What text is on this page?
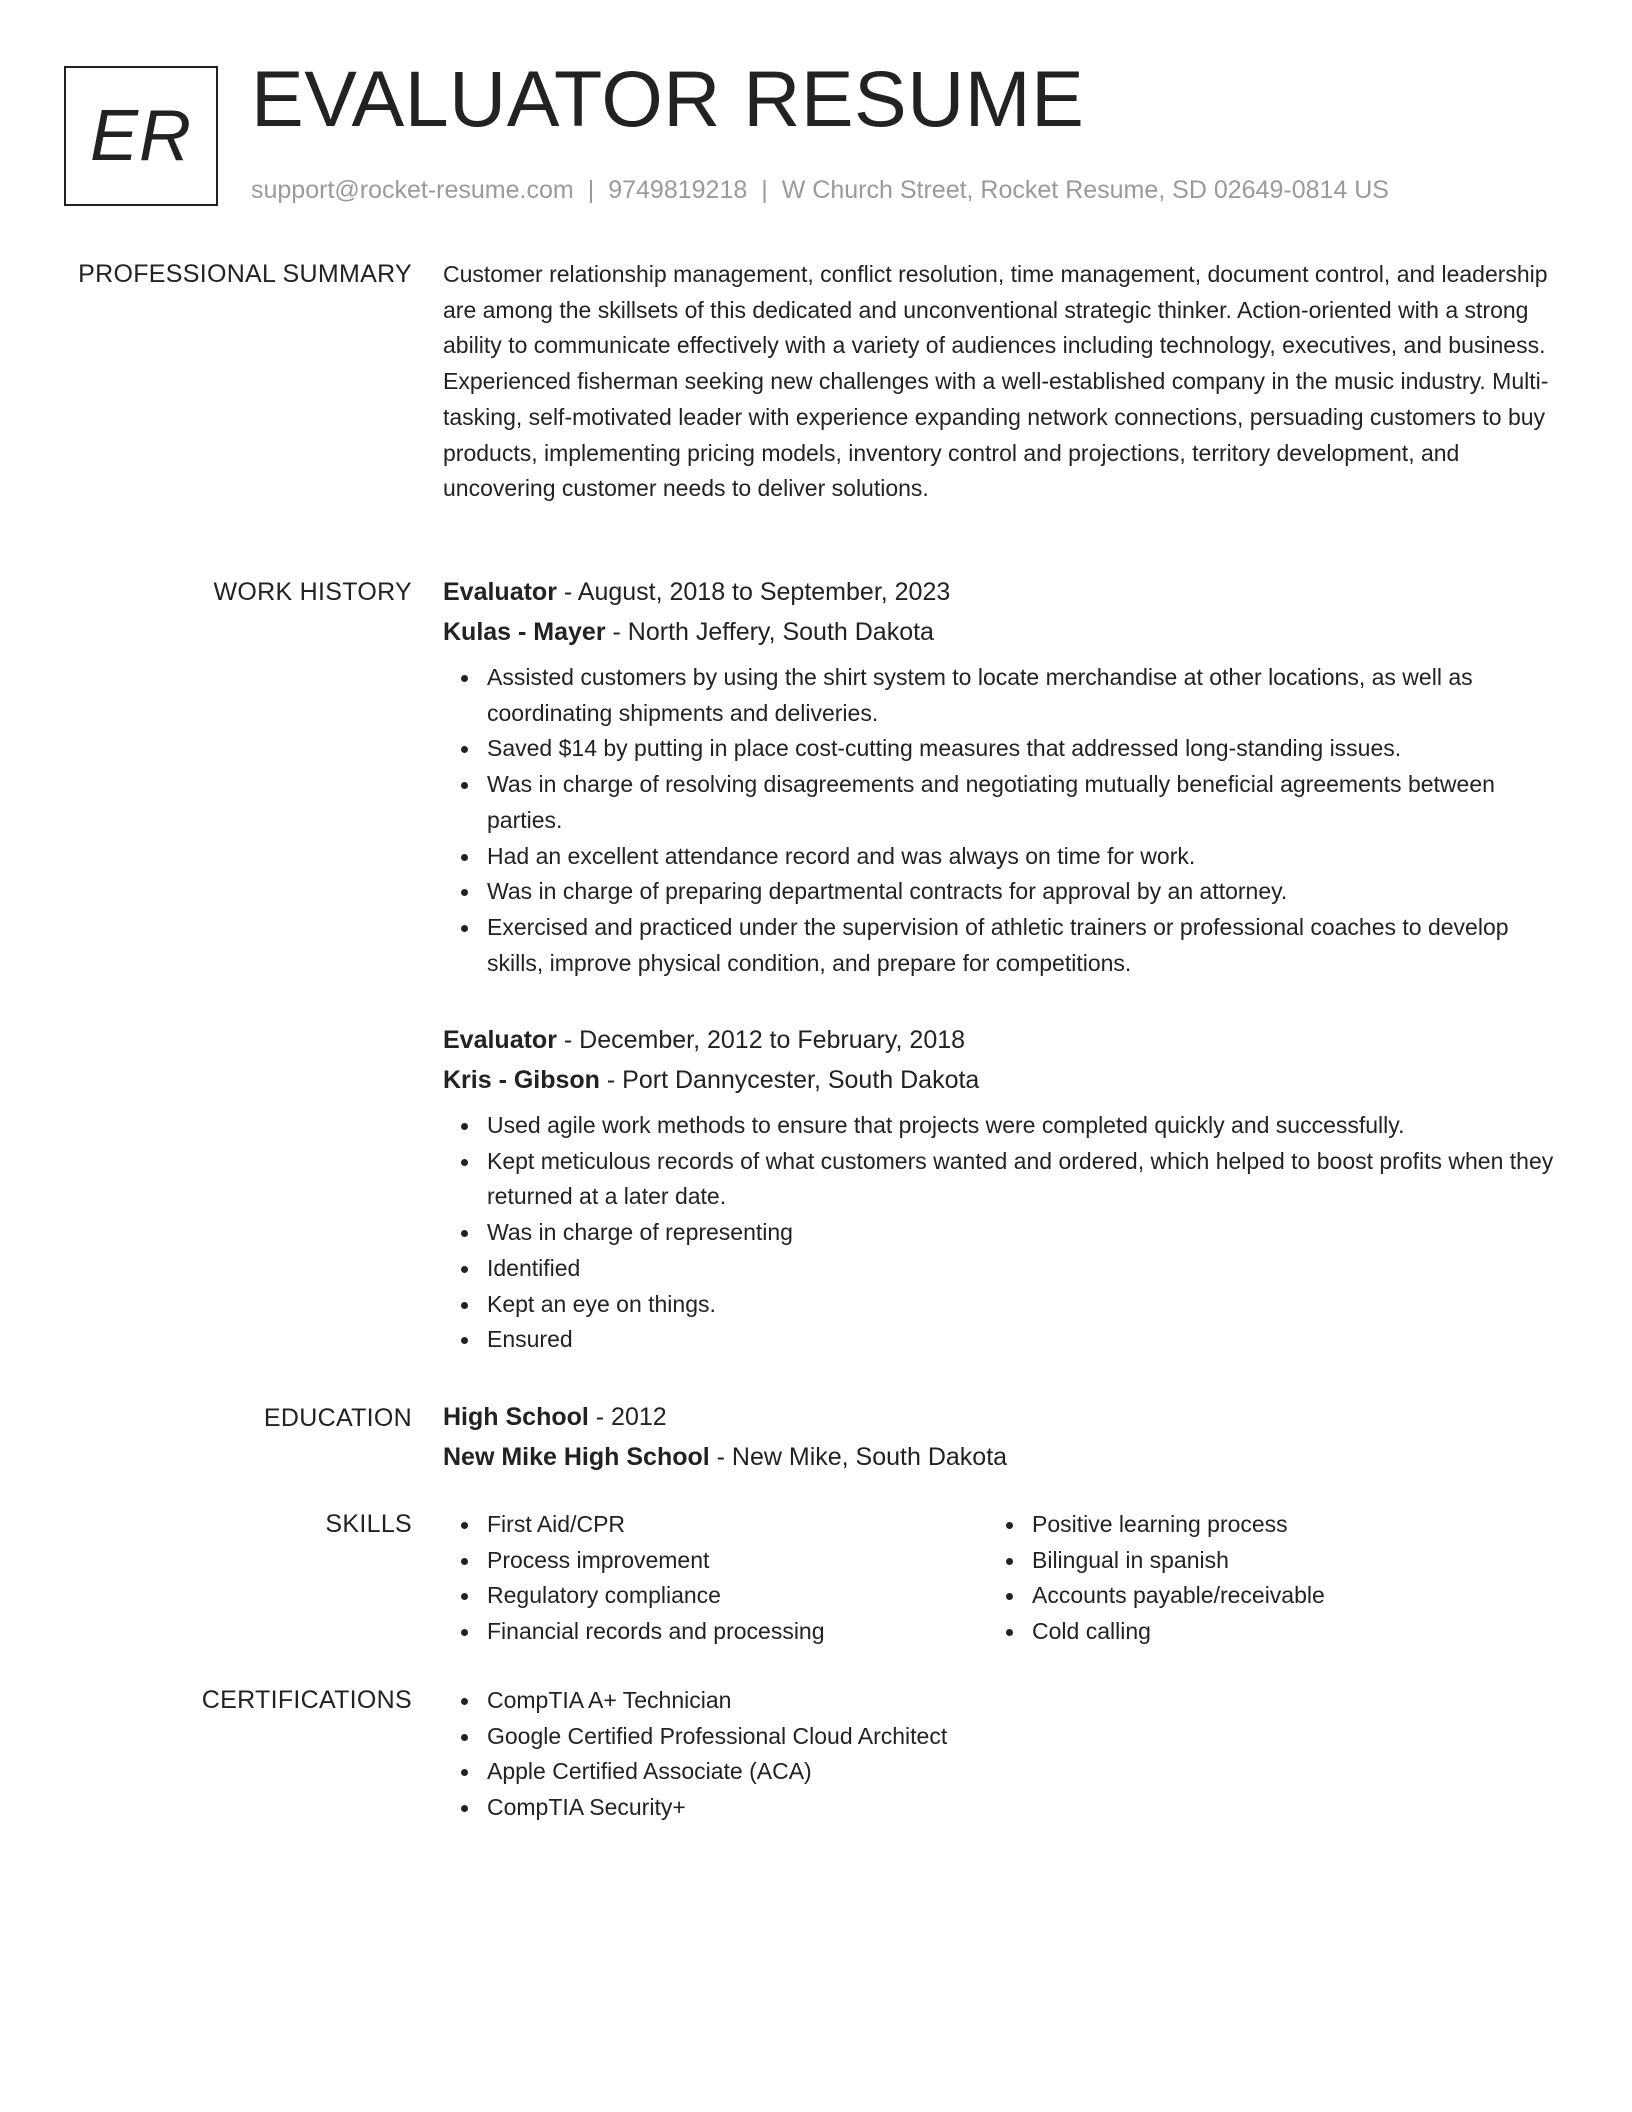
ER EVALUATOR RESUME
support@rocket-resume.com | 9749819218 | W Church Street, Rocket Resume, SD 02649-0814 US
PROFESSIONAL SUMMARY Customer relationship management, conflict resolution, time management, document control, and leadership are among the skillsets of this dedicated and unconventional strategic thinker. Action-oriented with a strong ability to communicate effectively with a variety of audiences including technology, executives, and business. Experienced fisherman seeking new challenges with a well-established company in the music industry. Multi-tasking, self-motivated leader with experience expanding network connections, persuading customers to buy products, implementing pricing models, inventory control and projections, territory development, and uncovering customer needs to deliver solutions.

WORK HISTORY Evaluator - August, 2018 to September, 2023
Kulas - Mayer - North Jeffery, South Dakota
Assisted customers by using the shirt system to locate merchandise at other locations, as well as coordinating shipments and deliveries.
Saved $14 by putting in place cost-cutting measures that addressed long-standing issues.
Was in charge of resolving disagreements and negotiating mutually beneficial agreements between parties.
Had an excellent attendance record and was always on time for work.
Was in charge of preparing departmental contracts for approval by an attorney.
Exercised and practiced under the supervision of athletic trainers or professional coaches to develop skills, improve physical condition, and prepare for competitions.
Evaluator - December, 2012 to February, 2018
Kris - Gibson - Port Dannycester, South Dakota
Used agile work methods to ensure that projects were completed quickly and successfully.
Kept meticulous records of what customers wanted and ordered, which helped to boost profits when they returned at a later date.
Was in charge of representing
Identified
Kept an eye on things.
Ensured
EDUCATION High School - 2012
New Mike High School - New Mike, South Dakota
SKILLS	First Aid/CPR
Process improvement
Regulatory compliance
Financial records and processing
Positive learning process
Bilingual in spanish
Accounts payable/receivable
Cold calling
CERTIFICATIONS	CompTIA A+ Technician
Google Certified Professional Cloud Architect
Apple Certified Associate (ACA)
CompTIA Security+
